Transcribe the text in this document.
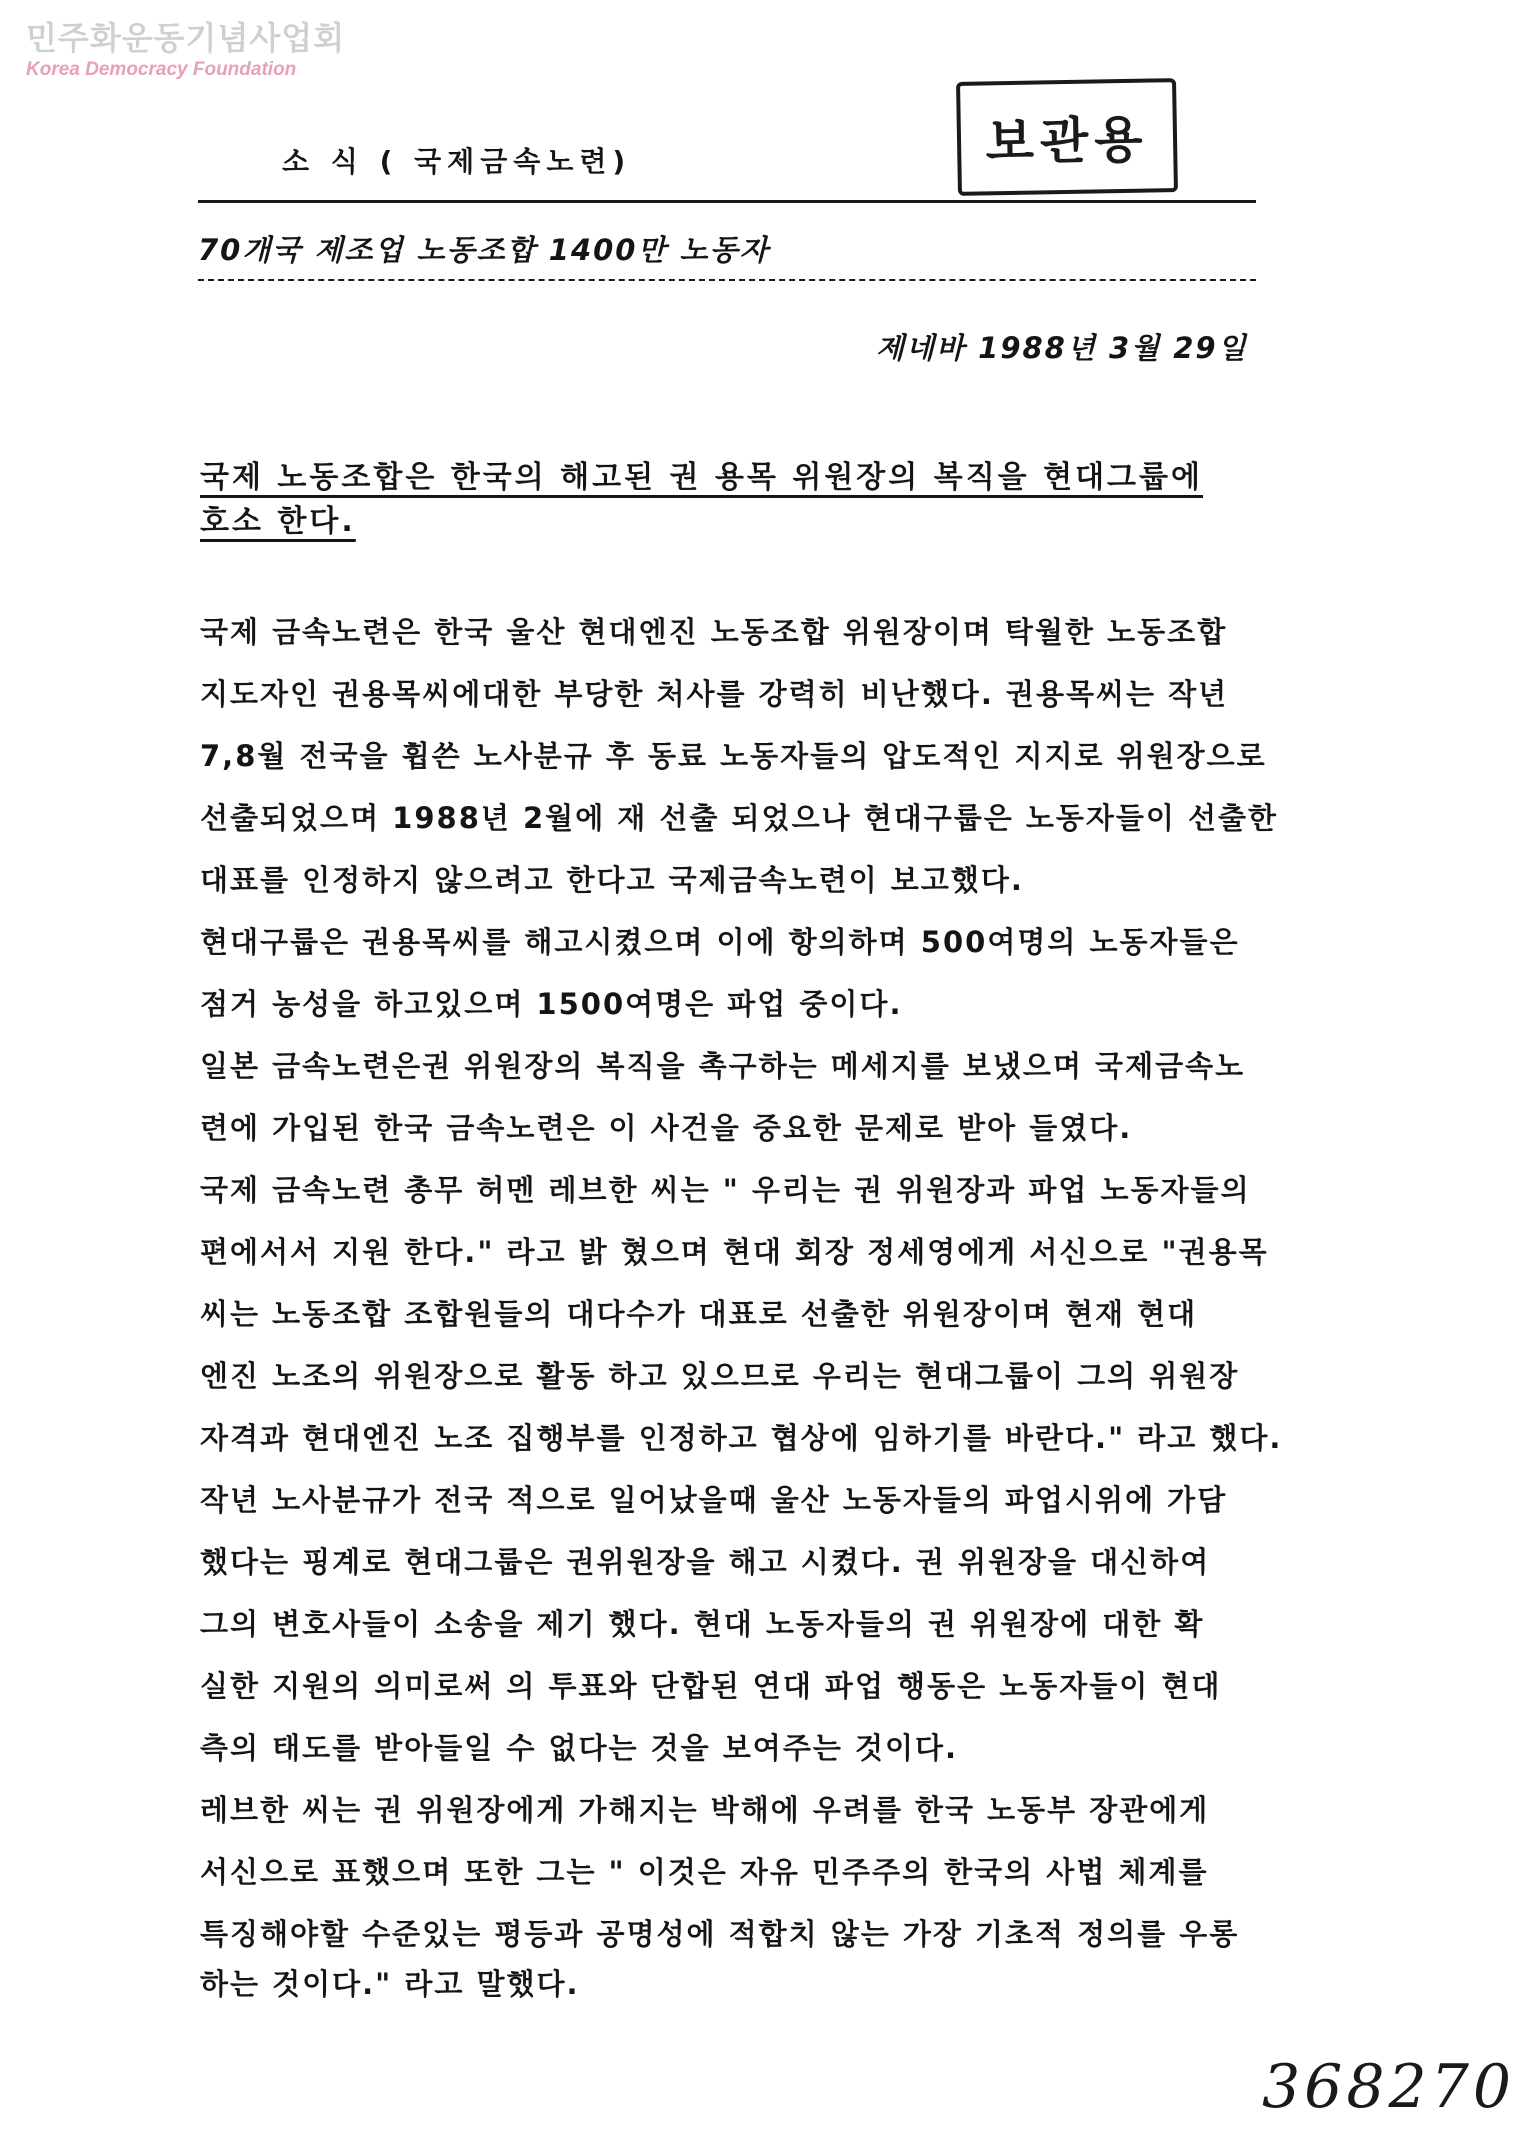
민주화운동기념사업회
Korea Democracy Foundation
보관용
소 식 ( 국제금속노련)
70개국 제조업 노동조합 1400만 노동자
제네바 1988년 3월 29일
국제 노동조합은 한국의 해고된 권 용목 위원장의 복직을 현대그룹에
호소 한다.
국제 금속노련은 한국 울산 현대엔진 노동조합 위원장이며 탁월한 노동조합
지도자인 권용목씨에대한 부당한 처사를 강력히 비난했다. 권용목씨는 작년
7,8월 전국을 휩쓴 노사분규 후 동료 노동자들의 압도적인 지지로 위원장으로
선출되었으며 1988년 2월에 재 선출 되었으나 현대구룹은 노동자들이 선출한
대표를 인정하지 않으려고 한다고 국제금속노련이 보고했다.
현대구룹은 권용목씨를 해고시켰으며 이에 항의하며 500여명의 노동자들은
점거 농성을 하고있으며 1500여명은 파업 중이다.
일본 금속노련은권 위원장의 복직을 촉구하는 메세지를 보냈으며 국제금속노
련에 가입된 한국 금속노련은 이 사건을 중요한 문제로 받아 들였다.
국제 금속노련 총무 허멘 레브한 씨는 " 우리는 권 위원장과 파업 노동자들의
편에서서 지원 한다." 라고 밝 혔으며 현대 회장 정세영에게 서신으로 "권용목
씨는 노동조합 조합원들의 대다수가 대표로 선출한 위원장이며 현재 현대
엔진 노조의 위원장으로 활동 하고 있으므로 우리는 현대그룹이 그의 위원장
자격과 현대엔진 노조 집행부를 인정하고 협상에 임하기를 바란다." 라고 했다.
작년 노사분규가 전국 적으로 일어났을때 울산 노동자들의 파업시위에 가담
했다는 핑계로 현대그룹은 권위원장을 해고 시켰다. 권 위원장을 대신하여
그의 변호사들이 소송을 제기 했다. 현대 노동자들의 권 위원장에 대한 확
실한 지원의 의미로써 의 투표와 단합된 연대 파업 행동은 노동자들이 현대
측의 태도를 받아들일 수 없다는 것을 보여주는 것이다.
레브한 씨는 권 위원장에게 가해지는 박해에 우려를 한국 노동부 장관에게
서신으로 표했으며 또한 그는 " 이것은 자유 민주주의 한국의 사법 체계를
특징해야할 수준있는 평등과 공명성에 적합치 않는 가장 기초적 정의를 우롱
하는 것이다." 라고 말했다.
368270
